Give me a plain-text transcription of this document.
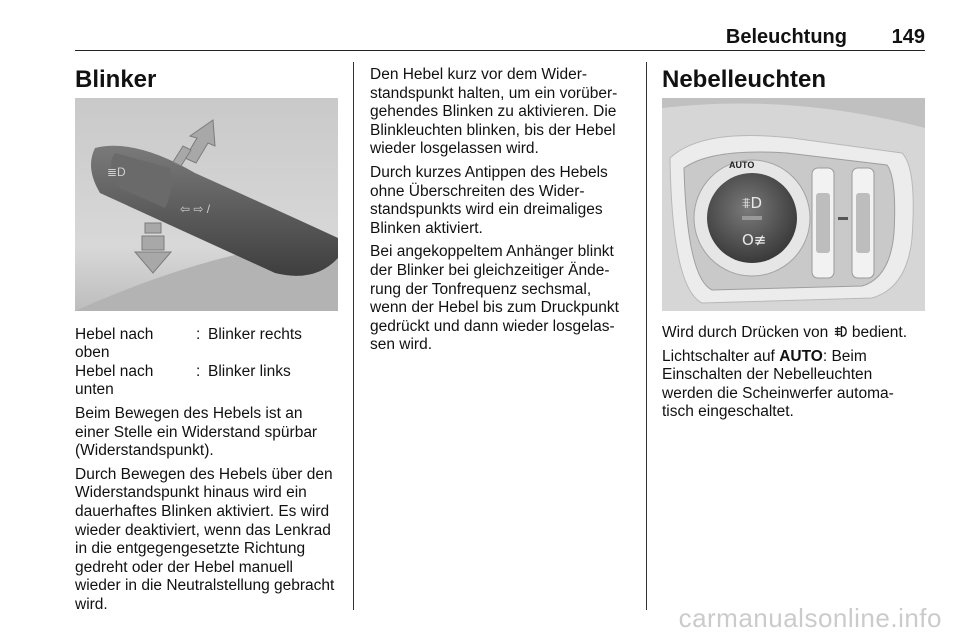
Beleuchtung 149
Blinker
≣D
⇦ ⇨ /
Hebel nach
oben
: Blinker rechts
Hebel nach
unten
: Blinker links

Beim Bewegen des Hebels ist an
einer Stelle ein Widerstand spürbar
(Widerstandspunkt).

Durch Bewegen des Hebels über den
Widerstandspunkt hinaus wird ein
dauerhaftes Blinken aktiviert. Es wird
wieder deaktiviert, wenn das Lenkrad
in die entgegengesetzte Richtung
gedreht oder der Hebel manuell
wieder in die Neutralstellung gebracht
wird.

Den Hebel kurz vor dem Wider-
standspunkt halten, um ein vorüber-
gehendes Blinken zu aktivieren. Die
Blinkleuchten blinken, bis der Hebel
wieder losgelassen wird.

Durch kurzes Antippen des Hebels
ohne Überschreiten des Wider-
standspunkts wird ein dreimaliges
Blinken aktiviert.

Bei angekoppeltem Anhänger blinkt
der Blinker bei gleichzeitiger Ände-
rung der Tonfrequenz sechsmal,
wenn der Hebel bis zum Druckpunkt
gedrückt und dann wieder losgelas-
sen wird.

Nebelleuchten
AUTO
⩨D
O≢

Wird durch Drücken von  bedient.

Lichtschalter auf AUTO: Beim
Einschalten der Nebelleuchten
werden die Scheinwerfer automa-
tisch eingeschaltet.

carmanualsonline.info
